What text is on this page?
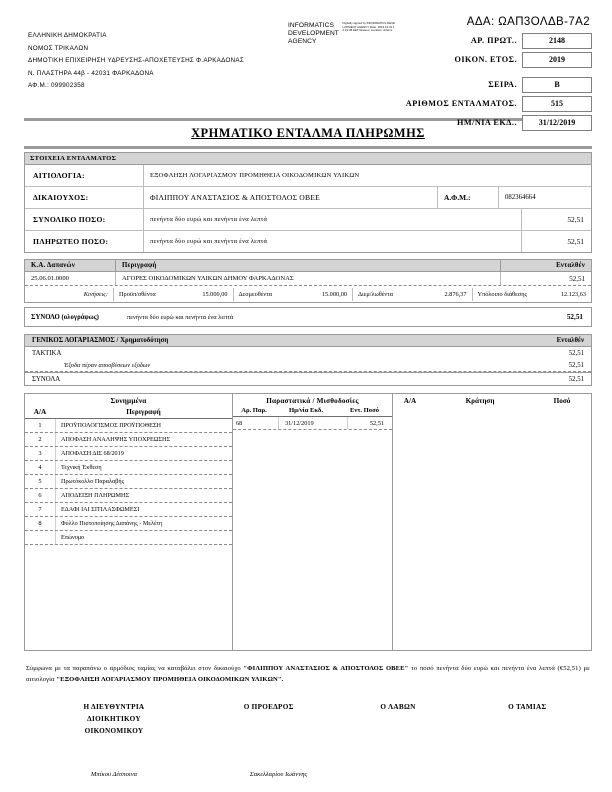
ΑΔΑ: ΩΑΠ3ΟΛΔΒ-7Α2
ΕΛΛΗΝΙΚΗ ΔΗΜΟΚΡΑΤΙΑ
ΝΟΜΟΣ ΤΡΙΚΑΛΩΝ
ΔΗΜΟΤΙΚΗ ΕΠΙΧΕΙΡΗΣΗ ΥΔΡΕΥΣΗΣ-ΑΠΟΧΕΤΕΥΣΗΣ Φ.ΑΡΚΑΔΟΝΑΣ
Ν. ΠΛΑΣΤΗΡΑ 44β - 42031 ΦΑΡΚΑΔΟΝΑ
ΑΦ.Μ.: 099902358
INFORMATICS DEVELOPMENT AGENCY
Digitally signed by INFORMATICS DEVELOPMENT AGENCY Date: 2019.12.31 12:19:28 EET Reason: Location: Athens
ΑΡ. ΠΡΩΤ..	2148
ΟΙΚΟΝ. ΕΤΟΣ.	2019
ΣΕΙΡΑ.	Β
ΑΡΙΘΜΟΣ ΕΝΤΑΛΜΑΤΟΣ.	515
ΗΜ/ΝΙΑ ΕΚΔ..	31/12/2019
ΧΡΗΜΑΤΙΚΟ ΕΝΤΑΛΜΑ ΠΛΗΡΩΜΗΣ
ΣΤΟΙΧΕΙΑ ΕΝΤΑΛΜΑΤΟΣ
ΑΙΤΙΟΛΟΓΙΑ:	ΕΞΟΦΛΗΣΗ ΛΟΓΑΡΙΑΣΜΟΥ ΠΡΟΜΗΘΕΙΑ ΟΙΚΟΔΟΜΙΚΩΝ ΥΛΙΚΩΝ
ΔΙΚΑΙΟΥΧΟΣ:	ΦΙΛΙΠΠΟΥ ΑΝΑΣΤΑΣΙΟΣ & ΑΠΟΣΤΟΛΟΣ ΟΒΕΕ	Α.Φ.Μ.:	082364664
ΣΥΝΟΛΙΚΟ ΠΟΣΟ:	πενήντα δύο ευρώ και πενήντα ένα λεπτά	52,51
ΠΛΗΡΩΤΕΟ ΠΟΣΟ:	πενήντα δύο ευρώ και πενήντα ένα λεπτά	52,51
Κ.Α. Δαπανών	Περιγραφή	Ενταλθέν
25.06.01.0000	ΑΓΟΡΕΣ ΟΙΚΟΔΟΜΙΚΩΝ ΥΛΙΚΩΝ ΔΗΜΟΥ ΦΑΡΚΑΔΟΝΑΣ	52,51
Κινήσεις:	Προϋπ/σθέντα	15.000,00 Δεσμευθέντα	15.000,00 Διεμ/λωθέντα	2.876,37 Υπόλοιπο διάθεσης	12.123,63
ΣΥΝΟΛΟ (ολογράφως)	πενήντα δύο ευρώ και πενήντα ένα λεπτά	52,51
ΓΕΝΙΚΟΣ ΛΟΓΑΡΙΑΣΜΟΣ / Χρηματοδότηση	Ενταλθέν
ΤΑΚΤΙΚΑ	52,51
Έξοδα πέραν αποσβέσεων εξόδων	52,51
ΣΥΝΟΛΑ	52,51
Συνημμένα
Α/Α	Περιγραφή
1	ΠΡΟΫΠΟΛΟΓΙΣΜΟΣ ΠΡΟΫΠΟΘΕΣΗ
2	ΑΠΟΦΑΣΗ ΑΝΑΛΗΨΗΣ ΥΠΟΧΡΕΩΣΗΣ
3	ΑΠΟΦΑΣΗ ΔΙΣ 68/2019
4	Τεχνική Έκθεση
5	Πρωτόκολλο Παραλαβής
6	ΑΠΟΔΕΙΞΗ ΠΛΗΡΩΜΗΣ
7	ΕΔΑΦΙ ΙΑΙ ΣΙΤΙΛΑΣΦΩΜΕΣΙ
8	Φύλλο Πιστοποίησης Δαπάνης - Μελέτη
Επώνυμο
Παραστατικά / Μισθοδοσίες
Αρ. Παρ.	Ημ/νία Εκδ.	Εντ. Ποσό
68	31/12/2019	52,51
Α/Α	Κράτηση	Ποσό
Σύμφωνα με τα παραπάνω ο αρμόδιος ταμίας να καταβάλει στον δικαιούχο "ΦΙΛΙΠΠΟΥ ΑΝΑΣΤΑΣΙΟΣ & ΑΠΟΣΤΟΛΟΣ ΟΒΕΕ" το ποσό πενήντα δύο ευρώ και πενήντα ένα λεπτά (€52,51) με αιτιολογία "ΕΞΟΦΛΗΣΗ ΛΟΓΑΡΙΑΣΜΟΥ ΠΡΟΜΗΘΕΙΑ ΟΙΚΟΔΟΜΙΚΩΝ ΥΛΙΚΩΝ".
Η ΔΙΕΥΘΥΝΤΡΙΑ
ΔΙΟΙΚΗΤΙΚΟΥ
ΟΙΚΟΝΟΜΙΚΟΥ
Ο ΠΡΟΕΔΡΟΣ	Ο ΛΑΒΩΝ	Ο ΤΑΜΙΑΣ
Μπίκου Δέσποινα	Σακελλαρίου Ιωάννης
